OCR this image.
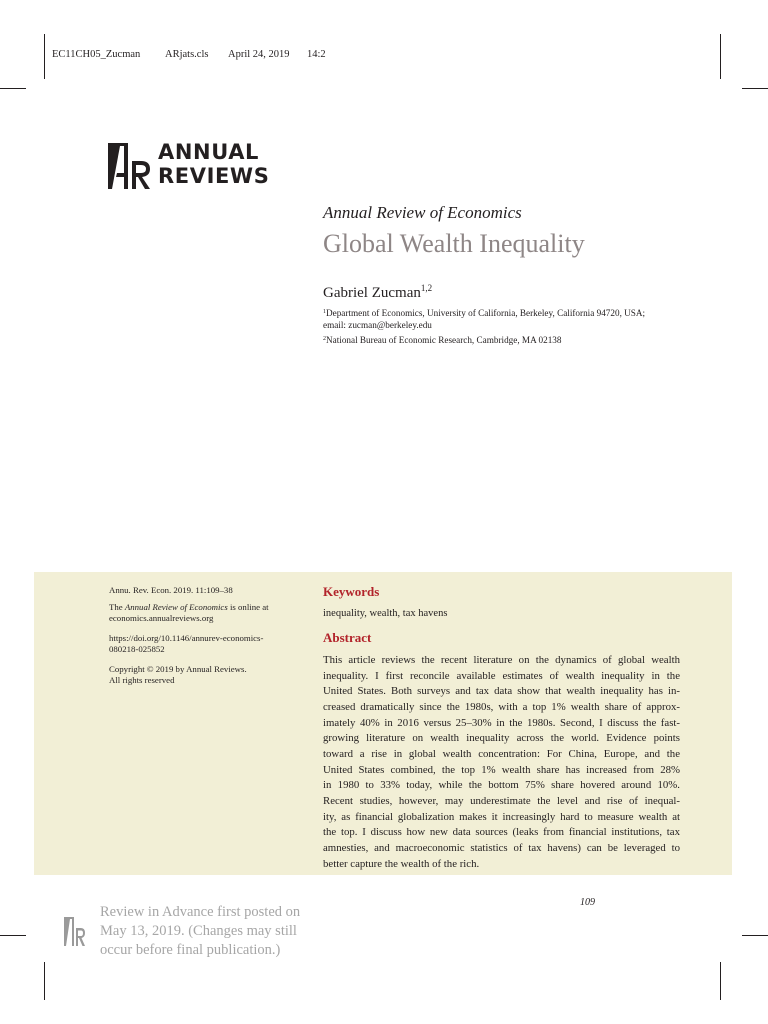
EC11CH05_Zucman ARjats.cls April 24, 2019 14:2
ANNUAL
REVIEWS
Annual Review of Economics
Global Wealth Inequality
Gabriel Zucman$^{1,2}$
$^1$Department of Economics, University of California, Berkeley, California 94720, USA;
email: zucman@berkeley.edu
$^2$National Bureau of Economic Research, Cambridge, MA 02138
Annu. Rev. Econ. 2019. 11:109–38
The Annual Review of Economics is online at
economics.annualreviews.org
https://doi.org/10.1146/annurev-economics-
080218-025852
Copyright © 2019 by Annual Reviews.
All rights reserved
Keywords
inequality, wealth, tax havens
Abstract
This article reviews the recent literature on the dynamics of global wealth
inequality. I first reconcile available estimates of wealth inequality in the
United States. Both surveys and tax data show that wealth inequality has in-
creased dramatically since the 1980s, with a top 1% wealth share of approx-
imately 40% in 2016 versus 25–30% in the 1980s. Second, I discuss the fast-
growing literature on wealth inequality across the world. Evidence points
toward a rise in global wealth concentration: For China, Europe, and the
United States combined, the top 1% wealth share has increased from 28%
in 1980 to 33% today, while the bottom 75% share hovered around 10%.
Recent studies, however, may underestimate the level and rise of inequal-
ity, as financial globalization makes it increasingly hard to measure wealth at
the top. I discuss how new data sources (leaks from financial institutions, tax
amnesties, and macroeconomic statistics of tax havens) can be leveraged to
better capture the wealth of the rich.
109
Review in Advance first posted on
May 13, 2019. (Changes may still
occur before final publication.)
